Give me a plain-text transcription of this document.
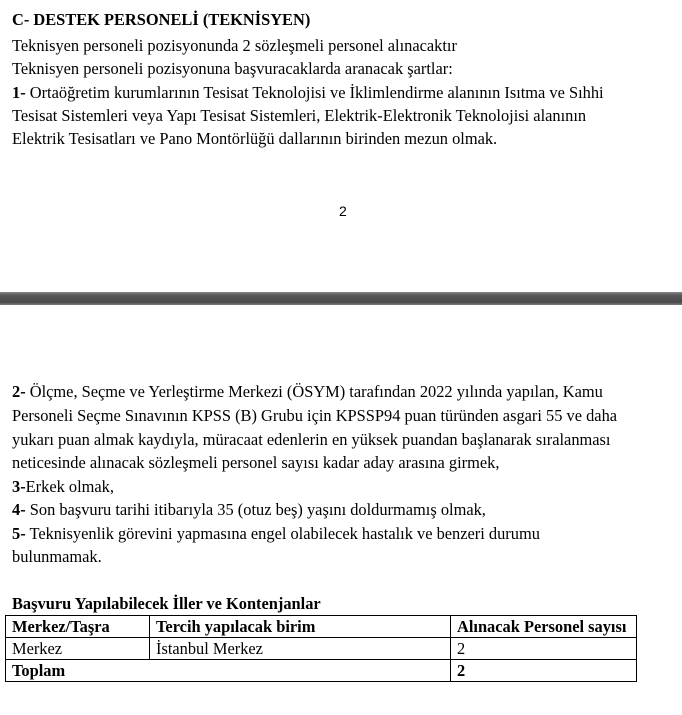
C- DESTEK PERSONELİ (TEKNİSYEN)
Teknisyen personeli pozisyonunda 2 sözleşmeli personel alınacaktır
Teknisyen personeli pozisyonuna başvuracaklarda aranacak şartlar:
1- Ortaöğretim kurumlarının Tesisat Teknolojisi ve İklimlendirme alanının Isıtma ve Sıhhi
Tesisat Sistemleri veya Yapı Tesisat Sistemleri, Elektrik-Elektronik Teknolojisi alanının
Elektrik Tesisatları ve Pano Montörlüğü dallarının birinden mezun olmak.
2
2- Ölçme, Seçme ve Yerleştirme Merkezi (ÖSYM) tarafından 2022 yılında yapılan, Kamu
Personeli Seçme Sınavının KPSS (B) Grubu için KPSSP94 puan türünden asgari 55 ve daha
yukarı puan almak kaydıyla, müracaat edenlerin en yüksek puandan başlanarak sıralanması
neticesinde alınacak sözleşmeli personel sayısı kadar aday arasına girmek,
3-Erkek olmak,
4- Son başvuru tarihi itibarıyla 35 (otuz beş) yaşını doldurmamış olmak,
5- Teknisyenlik görevini yapmasına engel olabilecek hastalık ve benzeri durumu
bulunmamak.
Başvuru Yapılabilecek İller ve Kontenjanlar
Merkez/Taşra	Tercih yapılacak birim	Alınacak Personel sayısı
Merkez	İstanbul Merkez	2
Toplam		2
